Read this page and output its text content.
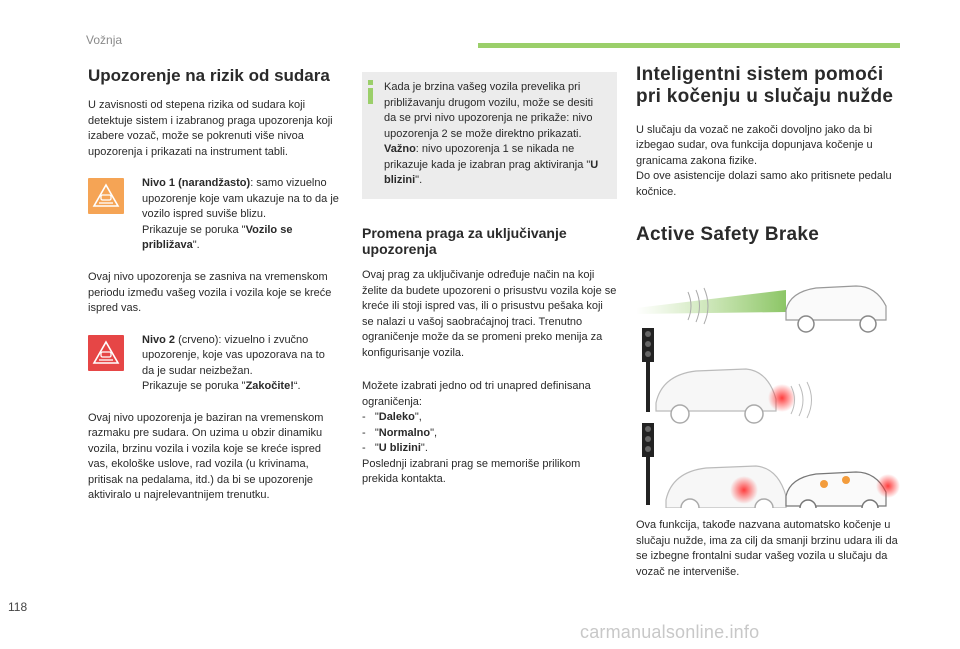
Vožnja
Upozorenje na rizik od sudara

U zavisnosti od stepena rizika od sudara koji detektuje sistem i izabranog praga upozorenja koji izabere vozač, može se pokrenuti više nivoa upozorenja i prikazati na instrument tabli.

Nivo 1 (narandžasto): samo vizuelno upozorenje koje vam ukazuje na to da je vozilo ispred suviše blizu.
Prikazuje se poruka "Vozilo se približava".

Ovaj nivo upozorenja se zasniva na vremenskom periodu između vašeg vozila i vozila koje se kreće ispred vas.

Nivo 2 (crveno): vizuelno i zvučno upozorenje, koje vas upozorava na to da je sudar neizbežan.
Prikazuje se poruka "Zakočite!“.

Ovaj nivo upozorenja je baziran na vremenskom razmaku pre sudara. On uzima u obzir dinamiku vozila, brzinu vozila i vozila koje se kreće ispred vas, ekološke uslove, rad vozila (u krivinama, pritisak na pedalama, itd.) da bi se upozorenje aktiviralo u najrelevantnijem trenutku.

Kada je brzina vašeg vozila prevelika pri približavanju drugom vozilu, može se desiti da se prvi nivo upozorenja ne prikaže: nivo upozorenja 2 se može direktno prikazati.
Važno: nivo upozorenja 1 se nikada ne prikazuje kada je izabran prag aktiviranja "U blizini".

Promena praga za uključivanje upozorenja

Ovaj prag za uključivanje određuje način na koji želite da budete upozoreni o prisustvu vozila koje se kreće ili stoji ispred vas, ili o prisustvu pešaka koji se nalazi u vašoj saobraćajnoj traci. Trenutno ograničenje može da se promeni preko menija za konfigurisanje vozila.

Možete izabrati jedno od tri unapred definisana ograničenja:
-   "Daleko",
-   "Normalno",
-   "U blizini".
Poslednji izabrani prag se memoriše prilikom prekida kontakta.

Inteligentni sistem pomoći pri kočenju u slučaju nužde

U slučaju da vozač ne zakoči dovoljno jako da bi izbegao sudar, ova funkcija dopunjava kočenje u granicama zakona fizike.
Do ove asistencije dolazi samo ako pritisnete pedalu kočnice.

Active Safety Brake

Ova funkcija, takođe nazvana automatsko kočenje u slučaju nužde, ima za cilj da smanji brzinu udara ili da se izbegne frontalni sudar vašeg vozila u slučaju da vozač ne interveniše.

118
carmanualsonline.info
